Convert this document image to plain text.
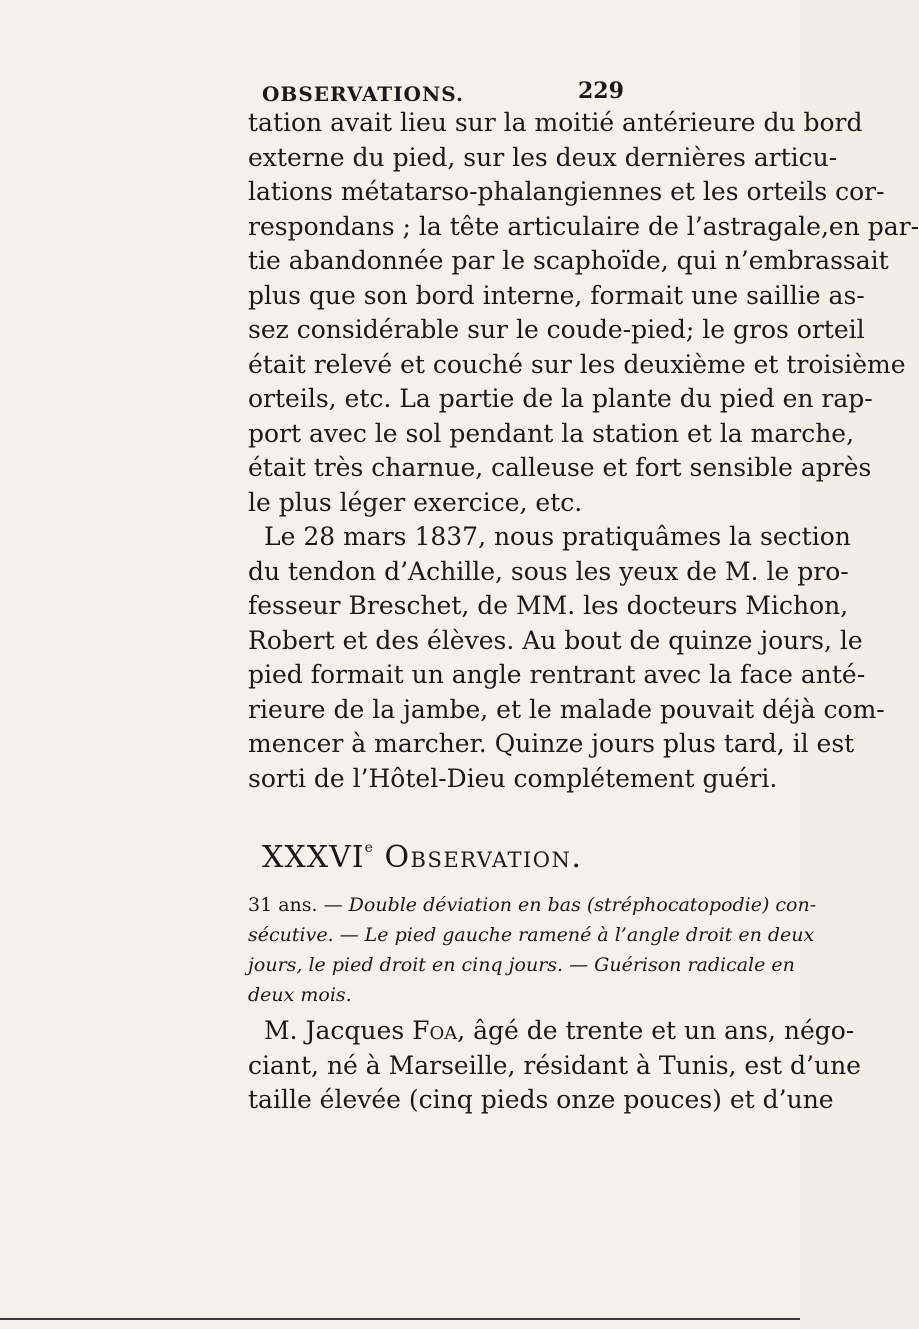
OBSERVATIONS.	229
tation avait lieu sur la moitié antérieure du bord
externe du pied, sur les deux dernières articu-
lations métatarso-phalangiennes et les orteils cor-
respondans ; la tête articulaire de l’astragale,en par-
tie abandonnée par le scaphoïde, qui n’embrassait
plus que son bord interne, formait une saillie as-
sez considérable sur le coude-pied; le gros orteil
était relevé et couché sur les deuxième et troisième
orteils, etc. La partie de la plante du pied en rap-
port avec le sol pendant la station et la marche,
était très charnue, calleuse et fort sensible après
le plus léger exercice, etc.
Le 28 mars 1837, nous pratiquâmes la section
du tendon d’Achille, sous les yeux de M. le pro-
fesseur Breschet, de MM. les docteurs Michon,
Robert et des élèves. Au bout de quinze jours, le
pied formait un angle rentrant avec la face anté-
rieure de la jambe, et le malade pouvait déjà com-
mencer à marcher. Quinze jours plus tard, il est
sorti de l’Hôtel-Dieu complétement guéri.
XXXVIe Observation.
31 ans. — Double déviation en bas (stréphocatopodie) con-
sécutive. — Le pied gauche ramené à l’angle droit en deux
jours, le pied droit en cinq jours. — Guérison radicale en
deux mois.
M. Jacques Foa, âgé de trente et un ans, négo-
ciant, né à Marseille, résidant à Tunis, est d’une
taille élevée (cinq pieds onze pouces) et d’une
